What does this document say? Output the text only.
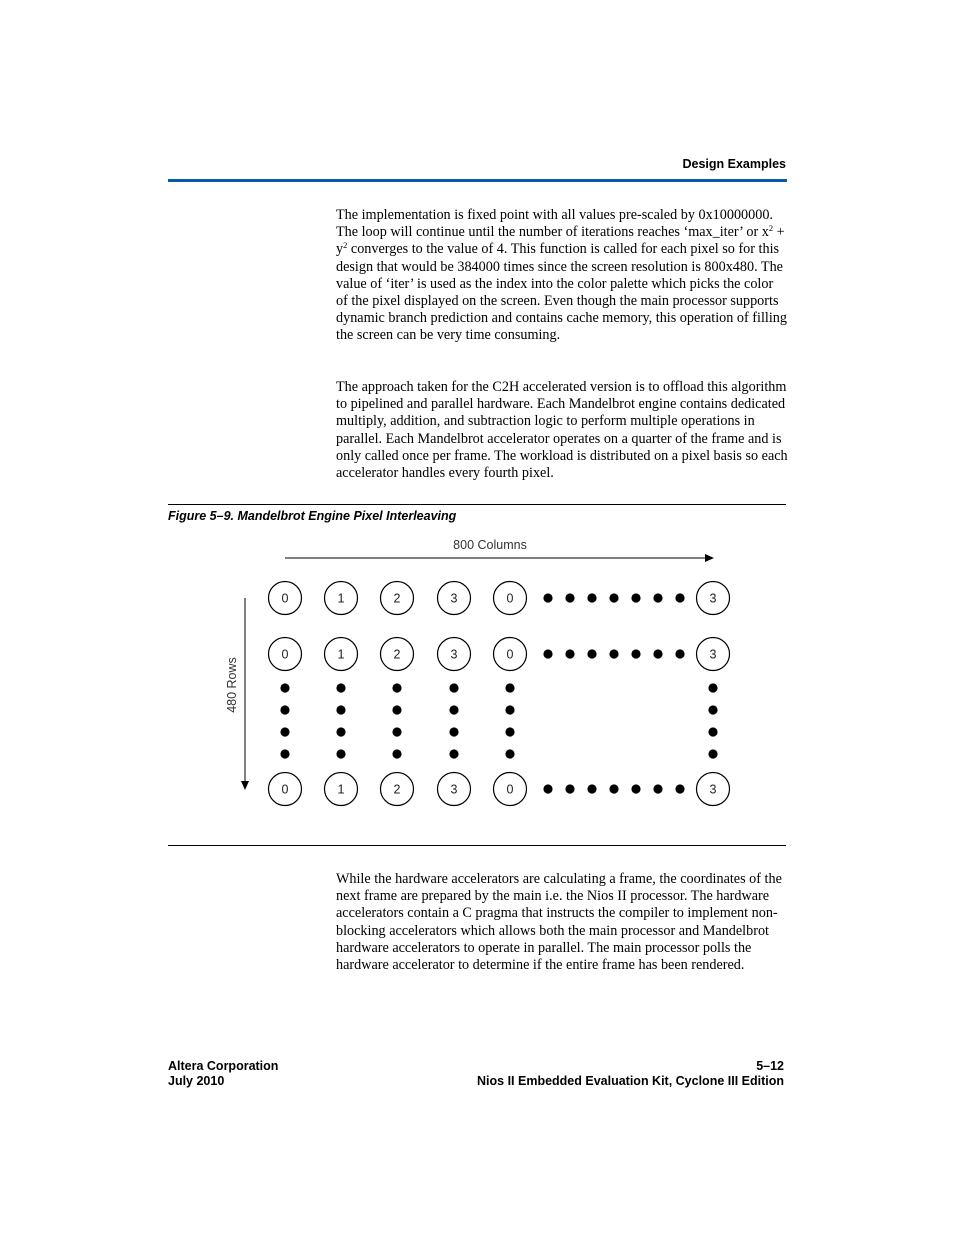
Design Examples

The implementation is fixed point with all values pre-scaled by 0x10000000. The loop will continue until the number of iterations reaches ‘max_iter’ or $x^2 + y^2$ converges to the value of 4. This function is called for each pixel so for this design that would be 384000 times since the screen resolution is 800x480. The value of ‘iter’ is used as the index into the color palette which picks the color of the pixel displayed on the screen. Even though the main processor supports dynamic branch prediction and contains cache memory, this operation of filling the screen can be very time consuming.

The approach taken for the C2H accelerated version is to offload this algorithm to pipelined and parallel hardware. Each Mandelbrot engine contains dedicated multiply, addition, and subtraction logic to perform multiple operations in parallel. Each Mandelbrot accelerator operates on a quarter of the frame and is only called once per frame. The workload is distributed on a pixel basis so each accelerator handles every fourth pixel.

Figure 5–9. Mandelbrot Engine Pixel Interleaving
800 Columns
480 Rows
0	1	2	3	0	3
0	1	2	3	0	3
0	1	2	3	0	3

While the hardware accelerators are calculating a frame, the coordinates of the next frame are prepared by the main i.e. the Nios II processor. The hardware accelerators contain a C pragma that instructs the compiler to implement non-blocking accelerators which allows both the main processor and Mandelbrot hardware accelerators to operate in parallel. The main processor polls the hardware accelerator to determine if the entire frame has been rendered.

Altera Corporation
July 2010
5–12
Nios II Embedded Evaluation Kit, Cyclone III Edition
